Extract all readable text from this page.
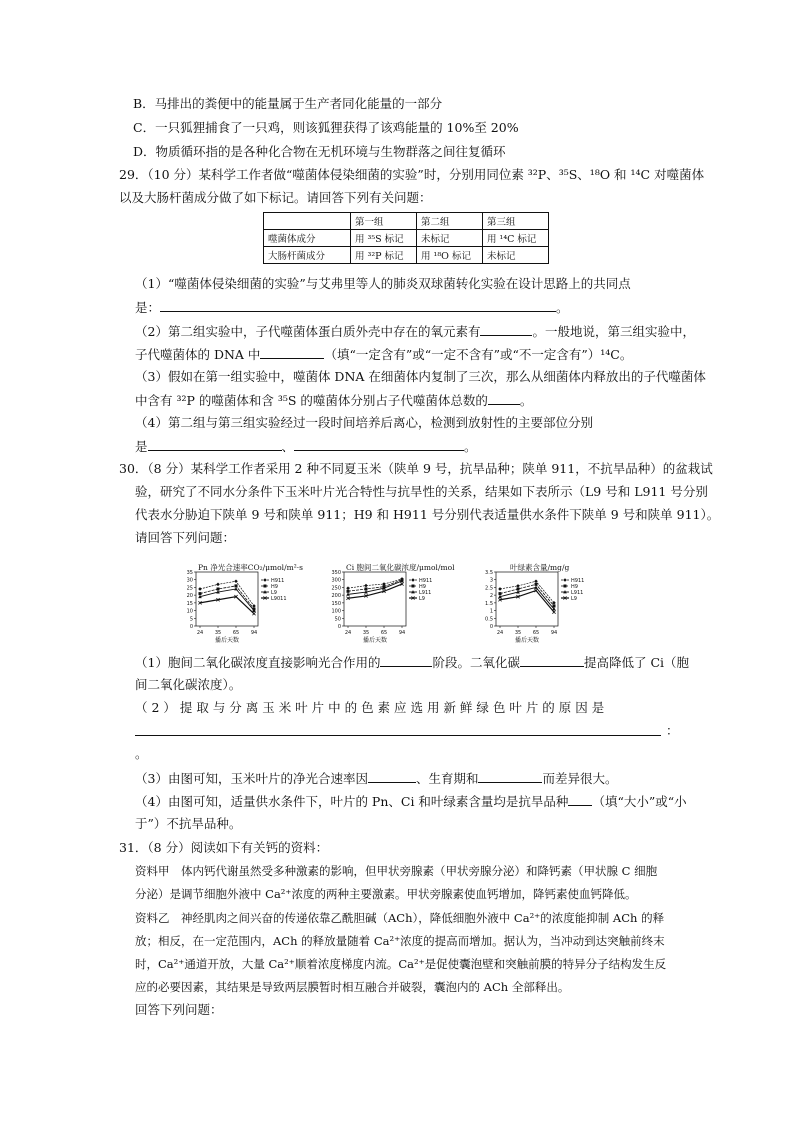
B．马排出的粪便中的能量属于生产者同化能量的一部分
C．一只狐狸捕食了一只鸡，则该狐狸获得了该鸡能量的 10%至 20%
D．物质循环指的是各种化合物在无机环境与生物群落之间往复循环
29．（10 分）某科学工作者做“噬菌体侵染细菌的实验”时，分别用同位素 ³²P、³⁵S、¹⁸O 和 ¹⁴C 对噬菌体
以及大肠杆菌成分做了如下标记。请回答下列有关问题：
	第一组	第二组	第三组
噬菌体成分	用 ³⁵S 标记	未标记	用 ¹⁴C 标记
大肠杆菌成分	用 ³²P 标记	用 ¹⁸O 标记	未标记
（1）“噬菌体侵染细菌的实验”与艾弗里等人的肺炎双球菌转化实验在设计思路上的共同点
是：	。
（2）第二组实验中，子代噬菌体蛋白质外壳中存在的氧元素有	。一般地说，第三组实验中，
子代噬菌体的 DNA 中	（填“一定含有”或“一定不含有”或“不一定含有”）¹⁴C。
（3）假如在第一组实验中，噬菌体 DNA 在细菌体内复制了三次，那么从细菌体内释放出的子代噬菌体
中含有 ³²P 的噬菌体和含 ³⁵S 的噬菌体分别占子代噬菌体总数的	。
（4）第二组与第三组实验经过一段时间培养后离心，检测到放射性的主要部位分别
是	、	。
30．（8 分）某科学工作者采用 2 种不同夏玉米（陕单 9 号，抗旱品种；陕单 911，不抗旱品种）的盆栽试
验，研究了不同水分条件下玉米叶片光合特性与抗旱性的关系，结果如下表所示（L9 号和 L911 号分别
代表水分胁迫下陕单 9 号和陕单 911；H9 和 H911 号分别代表适量供水条件下陕单 9 号和陕单 911）。
请回答下列问题：
Pn 净光合速率CO₂/μmol/m²·s
0
5
10
15
20
25
30
35
24 35 65 94
播后天数
H911
H9
L9
L9011
Ci 胞间二氧化碳浓度/μmol/mol
0
50
100
150
200
250
300
350
24 35 65 94
播后天数
H911
H9
L911
L9
叶绿素含量/mg/g
0
0.5
1
1.5
2
2.5
3
3.5
24 35 65 94
播后天数
H911
H9
L911
L9
（1）胞间二氧化碳浓度直接影响光合作用的	阶段。二氧化碳	提高降低了 Ci（胞
间二氧化碳浓度）。
（ 2 ） 提 取 与 分 离 玉 米 叶 片 中 的 色 素 应 选 用 新 鲜 绿 色 叶 片 的 原 因 是
：
。
（3）由图可知，玉米叶片的净光合速率因	、生育期和	而差异很大。
（4）由图可知，适量供水条件下，叶片的 Pn、Ci 和叶绿素含量均是抗旱品种 （填“大小”或“小
于”）不抗旱品种。
31．（8 分）阅读如下有关钙的资料：
资料甲　体内钙代谢虽然受多种激素的影响，但甲状旁腺素（甲状旁腺分泌）和降钙素（甲状腺 C 细胞
分泌）是调节细胞外液中 Ca²⁺浓度的两种主要激素。甲状旁腺素使血钙增加，降钙素使血钙降低。
资料乙　神经肌肉之间兴奋的传递依靠乙酰胆碱（ACh），降低细胞外液中 Ca²⁺的浓度能抑制 ACh 的释
放；相反，在一定范围内，ACh 的释放量随着 Ca²⁺浓度的提高而增加。据认为，当冲动到达突触前终末
时，Ca²⁺通道开放，大量 Ca²⁺顺着浓度梯度内流。Ca²⁺是促使囊泡壁和突触前膜的特异分子结构发生反
应的必要因素，其结果是导致两层膜暂时相互融合并破裂，囊泡内的 ACh 全部释出。
回答下列问题：
